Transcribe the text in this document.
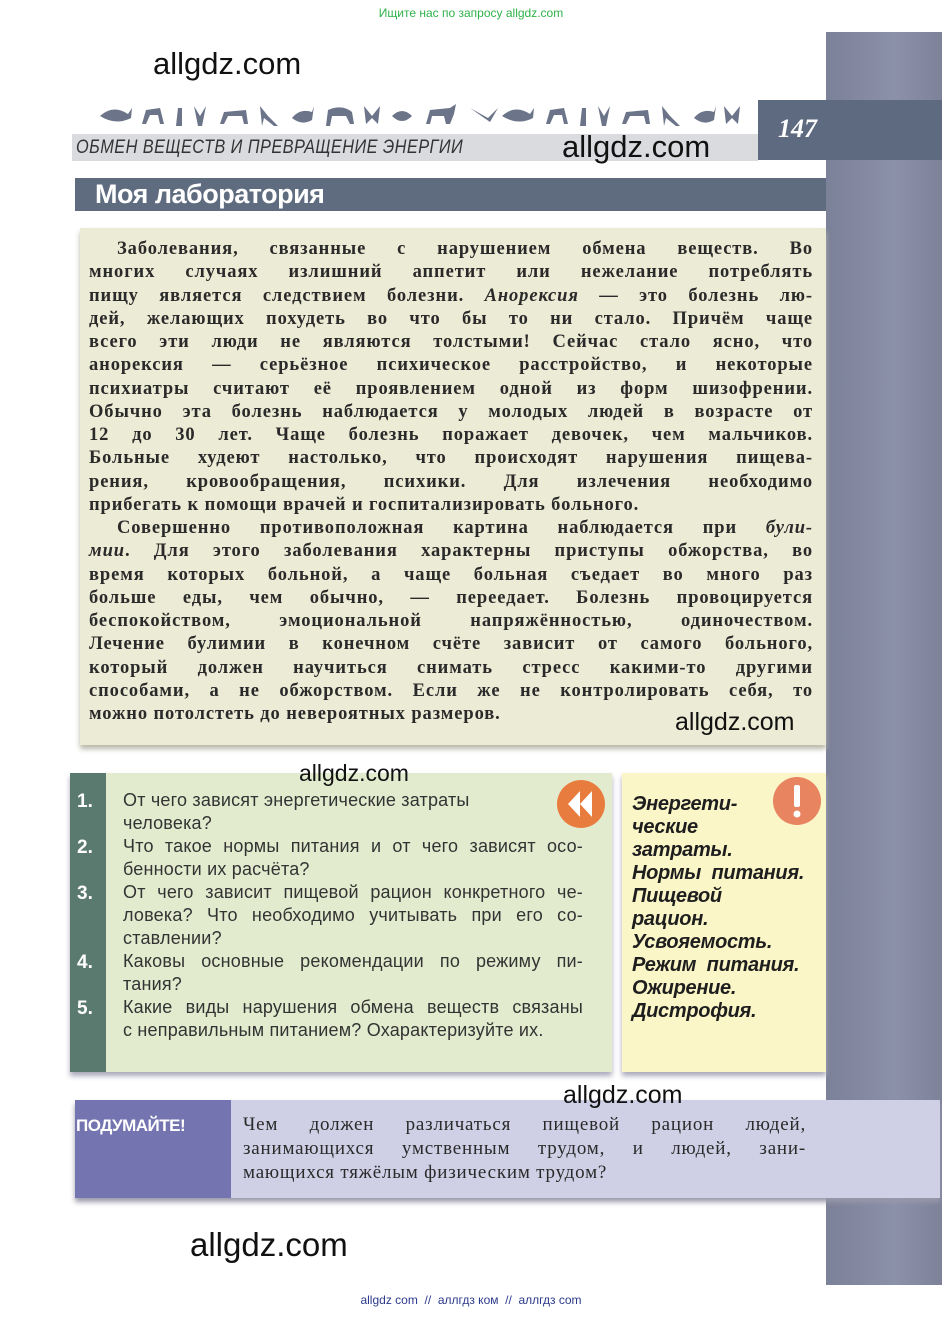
Ищите нас по запросу allgdz.com
allgdz.com
ОБМЕН ВЕЩЕСТВ И ПРЕВРАЩЕНИЕ ЭНЕРГИИ	allgdz.com
147
Моя лаборатория
Заболевания, связанные с нарушением обмена веществ. Во
многих случаях излишний аппетит или нежелание потреблять
пищу является следствием болезни. Анорексия — это болезнь лю-
дей, желающих похудеть во что бы то ни стало. Причём чаще
всего эти люди не являются толстыми! Сейчас стало ясно, что
анорексия — серьёзное психическое расстройство, и некоторые
психиатры считают её проявлением одной из форм шизофрении.
Обычно эта болезнь наблюдается у молодых людей в возрасте от
12 до 30 лет. Чаще болезнь поражает девочек, чем мальчиков.
Больные худеют настолько, что происходят нарушения пищева-
рения, кровообращения, психики. Для излечения необходимо
прибегать к помощи врачей и госпитализировать больного.
Совершенно противоположная картина наблюдается при були-
мии. Для этого заболевания характерны приступы обжорства, во
время которых больной, а чаще больная съедает во много раз
больше еды, чем обычно, — переедает. Болезнь провоцируется
беспокойством, эмоциональной напряжённостью, одиночеством.
Лечение булимии в конечном счёте зависит от самого больного,
который должен научиться снимать стресс какими-то другими
способами, а не обжорством. Если же не контролировать себя, то
можно потолстеть до невероятных размеров.	allgdz.com
1.
2.
3.
4.
5.
От чего зависят энергетические затраты
человека?
Что такое нормы питания и от чего зависят осо-
бенности их расчёта?
От чего зависит пищевой рацион конкретного че-
ловека? Что необходимо учитывать при его со-
ставлении?
Каковы основные рекомендации по режиму пи-
тания?
Какие виды нарушения обмена веществ связаны
с неправильным питанием? Охарактеризуйте их.
allgdz.com
Энергети-
ческие
затраты.
Нормы  питания.
Пищевой
рацион.
Усвояемость.
Режим  питания.
Ожирение.
Дистрофия.
ПОДУМАЙТЕ!	Чем должен различаться пищевой рацион людей,
занимающихся умственным трудом, и людей, зани-
мающихся тяжёлым физическим трудом?
allgdz.com
allgdz.com
allgdz com  //  аллгдз ком  //  аллгдз com
